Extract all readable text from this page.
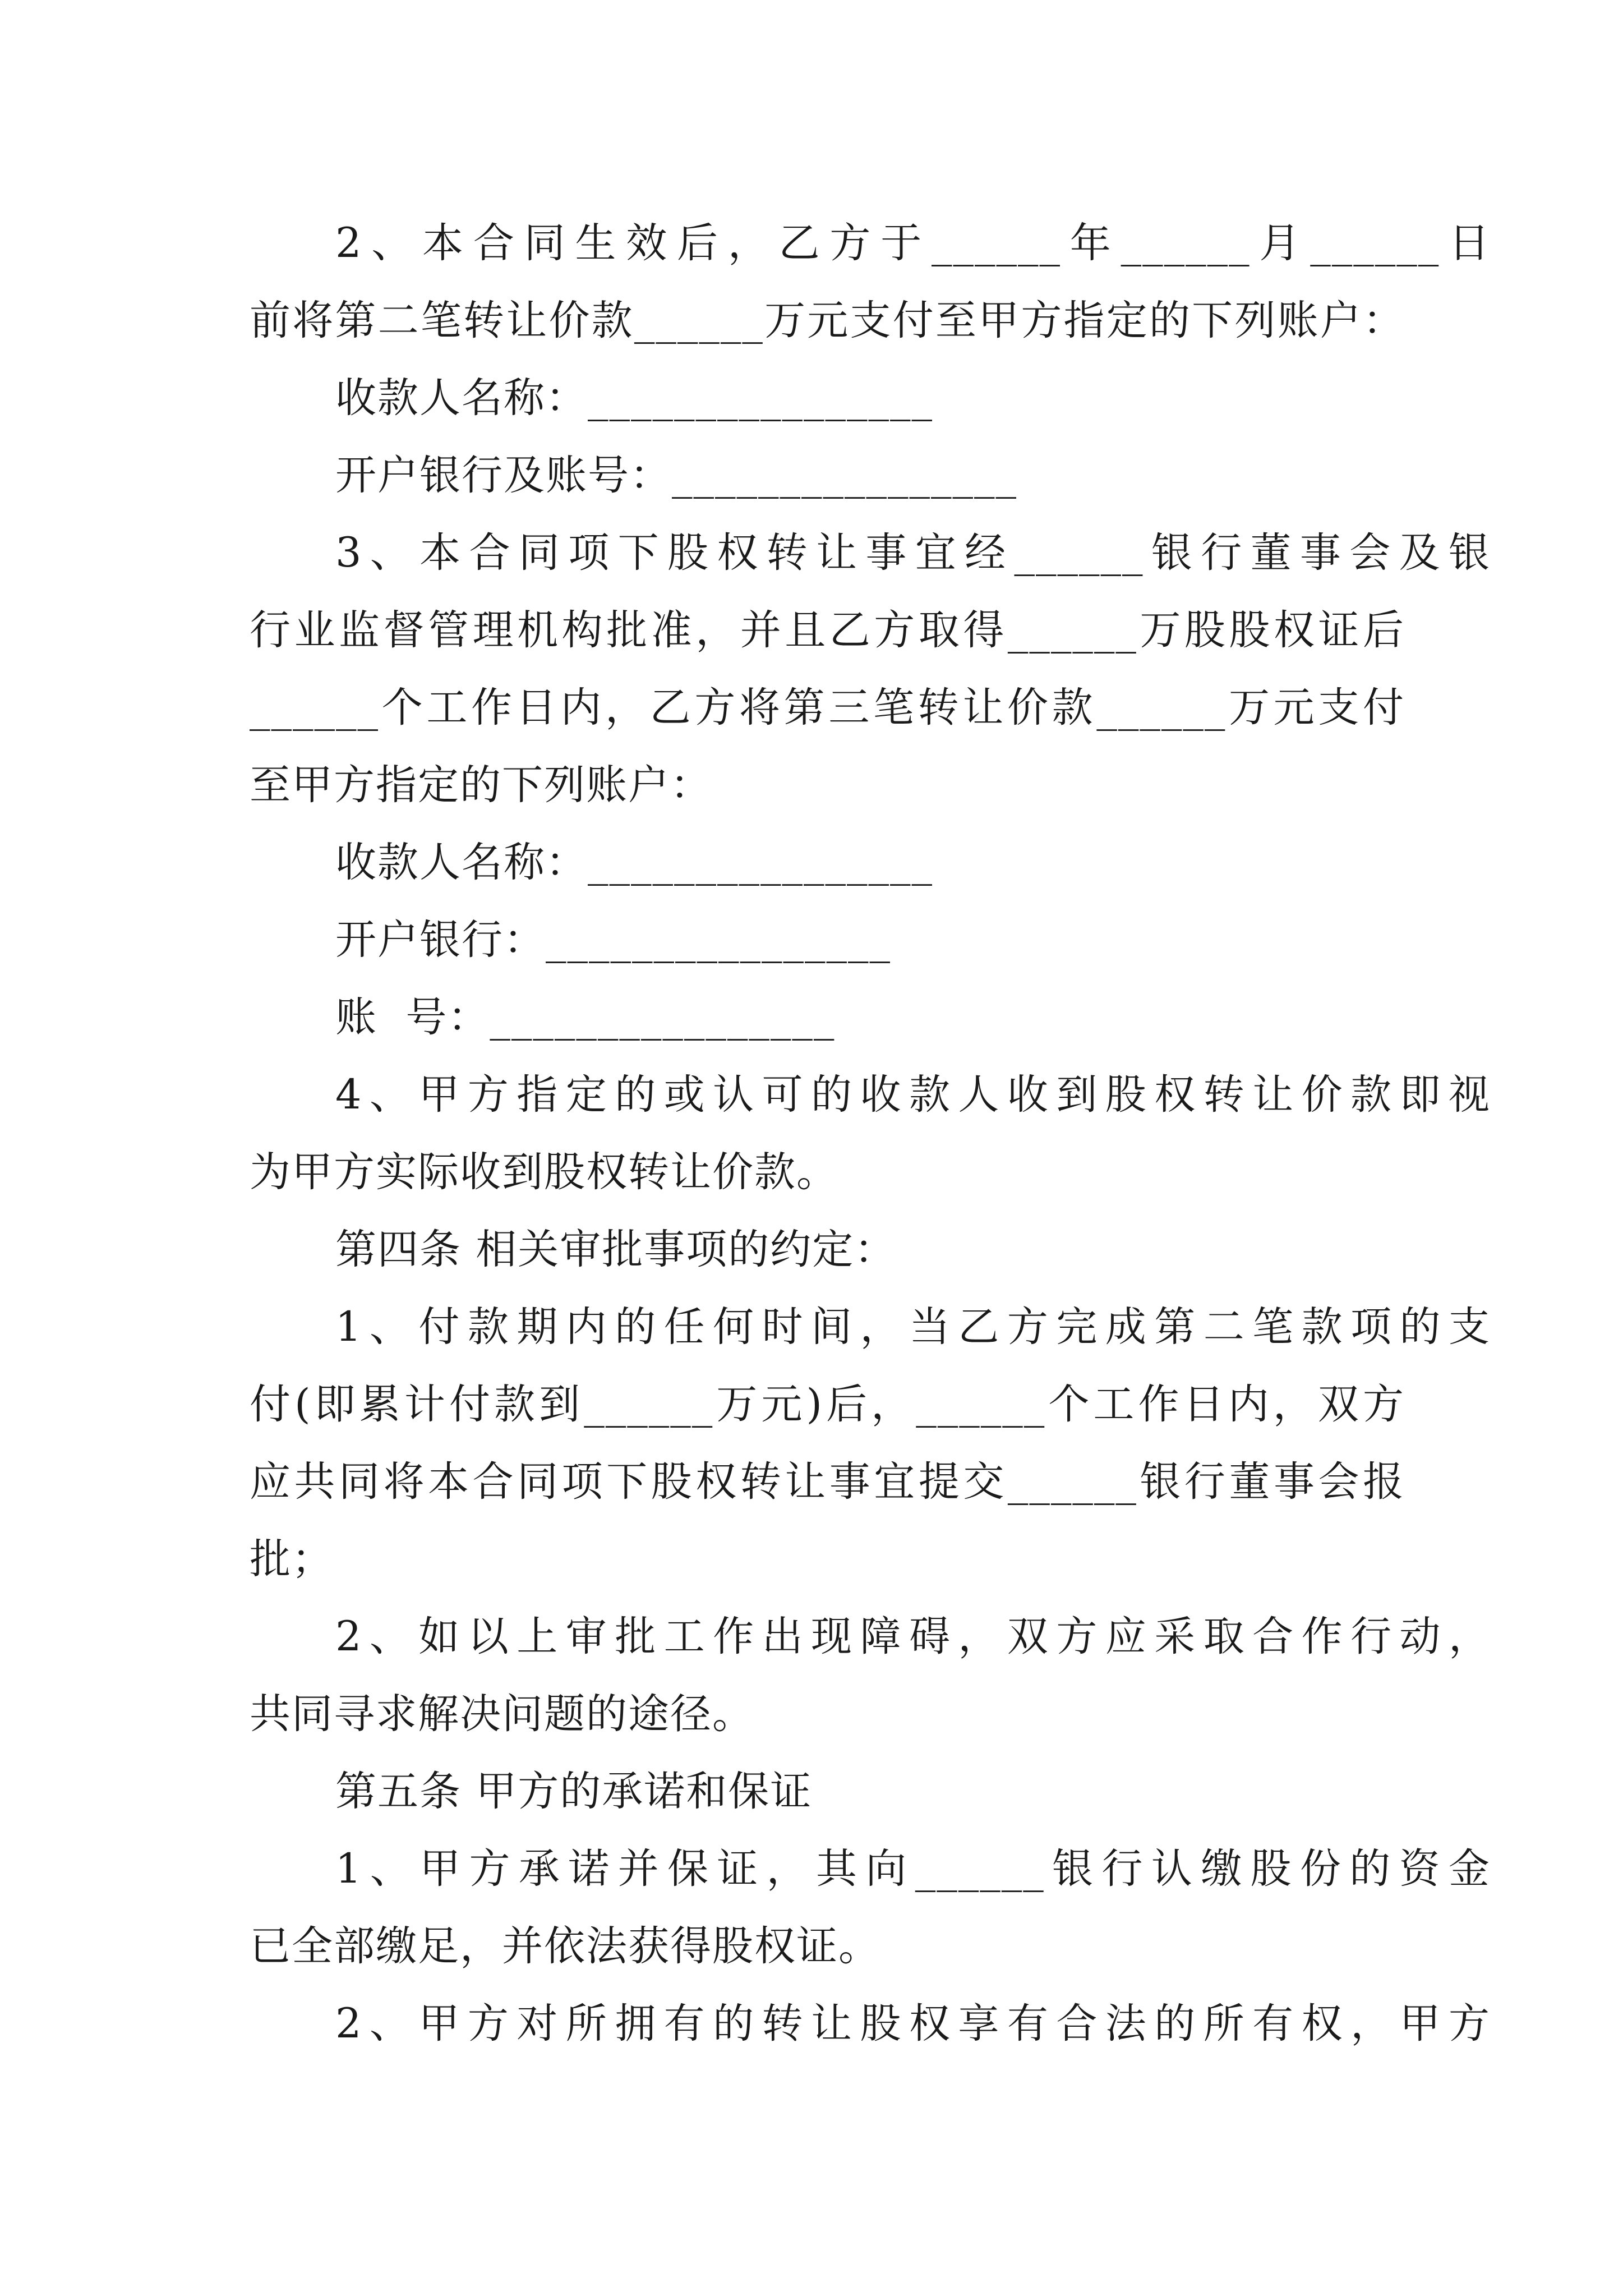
2、本合同生效后，乙方于______年______月______日
前将第二笔转让价款______万元支付至甲方指定的下列账户：
收款人名称：________________
开户银行及账号：________________
3、本合同项下股权转让事宜经______银行董事会及银
行业监督管理机构批准，并且乙方取得______万股股权证后
______个工作日内，乙方将第三笔转让价款______万元支付
至甲方指定的下列账户：
收款人名称：________________
开户银行：________________
账  号：________________
4、甲方指定的或认可的收款人收到股权转让价款即视
为甲方实际收到股权转让价款。
第四条 相关审批事项的约定：
1、付款期内的任何时间，当乙方完成第二笔款项的支
付(即累计付款到______万元)后，______个工作日内，双方
应共同将本合同项下股权转让事宜提交______银行董事会报
批；
2、如以上审批工作出现障碍，双方应采取合作行动，
共同寻求解决问题的途径。
第五条 甲方的承诺和保证
1、甲方承诺并保证，其向______银行认缴股份的资金
已全部缴足，并依法获得股权证。
2、甲方对所拥有的转让股权享有合法的所有权，甲方
